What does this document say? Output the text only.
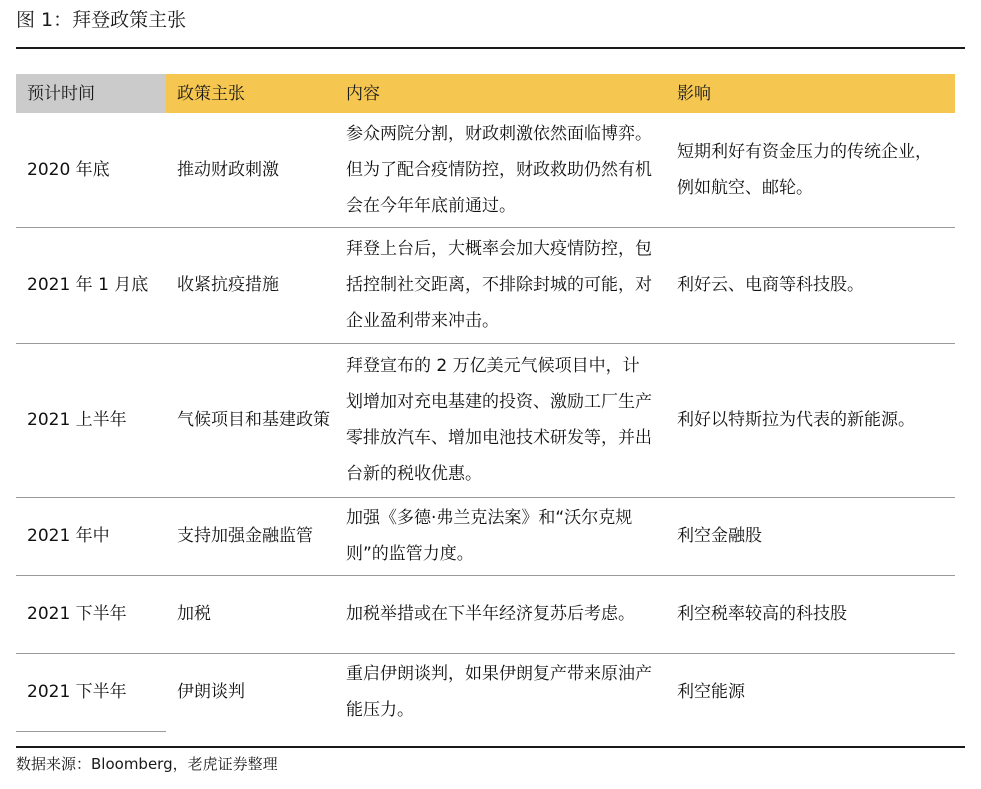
图 1：拜登政策主张
预计时间	政策主张	内容	影响
2020 年底	推动财政刺激	参众两院分割，财政刺激依然面临博弈。但为了配合疫情防控，财政救助仍然有机会在今年年底前通过。	短期利好有资金压力的传统企业，例如航空、邮轮。
2021 年 1 月底	收紧抗疫措施	拜登上台后，大概率会加大疫情防控，包括控制社交距离，不排除封城的可能，对企业盈利带来冲击。	利好云、电商等科技股。
2021 上半年	气候项目和基建政策	拜登宣布的 2 万亿美元气候项目中，计划增加对充电基建的投资、激励工厂生产零排放汽车、增加电池技术研发等，并出台新的税收优惠。	利好以特斯拉为代表的新能源。
2021 年中	支持加强金融监管	加强《多德·弗兰克法案》和“沃尔克规则”的监管力度。	利空金融股
2021 下半年	加税	加税举措或在下半年经济复苏后考虑。	利空税率较高的科技股
2021 下半年	伊朗谈判	重启伊朗谈判，如果伊朗复产带来原油产能压力。	利空能源
数据来源：Bloomberg，老虎证券整理
